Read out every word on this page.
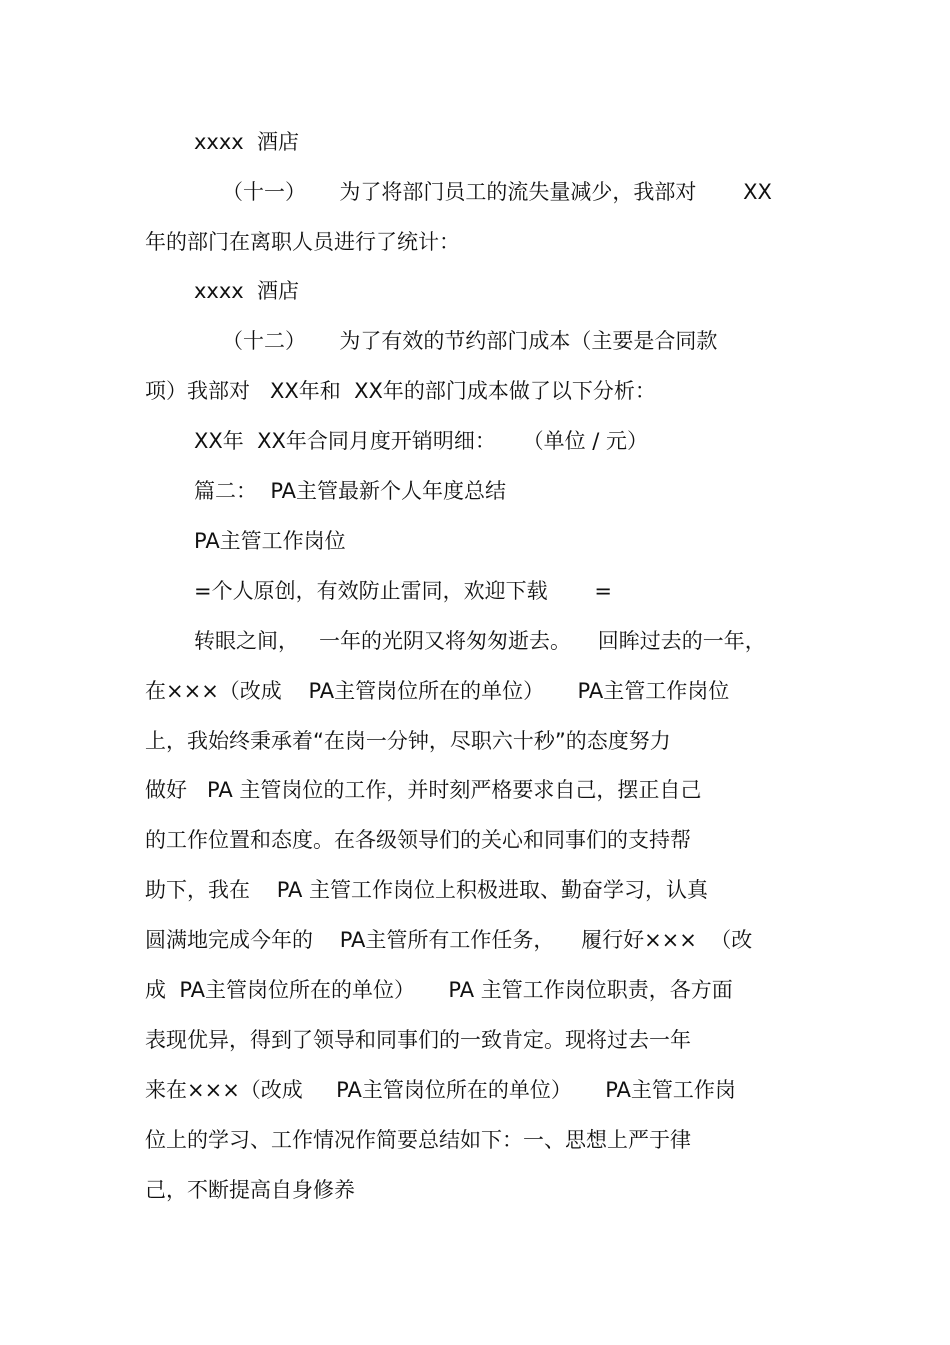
xxxx  酒店
（十一）     为了将部门员工的流失量减少，我部对       XX
年的部门在离职人员进行了统计：
xxxx  酒店
（十二）     为了有效的节约部门成本（主要是合同款
项）我部对   XX年和  XX年的部门成本做了以下分析：
XX年  XX年合同月度开销明细：    （单位 / 元）
篇二：  PA主管最新个人年度总结
PA主管工作岗位
=个人原创，有效防止雷同，欢迎下载       =
转眼之间，   一年的光阴又将匆匆逝去。    回眸过去的一年，
在×××（改成    PA主管岗位所在的单位）     PA主管工作岗位
上，我始终秉承着“在岗一分钟，尽职六十秒”的态度努力
做好   PA 主管岗位的工作，并时刻严格要求自己，摆正自己
的工作位置和态度。在各级领导们的关心和同事们的支持帮
助下，我在    PA 主管工作岗位上积极进取、勤奋学习，认真
圆满地完成今年的    PA主管所有工作任务，    履行好×××  （改
成  PA主管岗位所在的单位）     PA 主管工作岗位职责，各方面
表现优异，得到了领导和同事们的一致肯定。现将过去一年
来在×××（改成     PA主管岗位所在的单位）     PA主管工作岗
位上的学习、工作情况作简要总结如下：一、思想上严于律
己，不断提高自身修养
